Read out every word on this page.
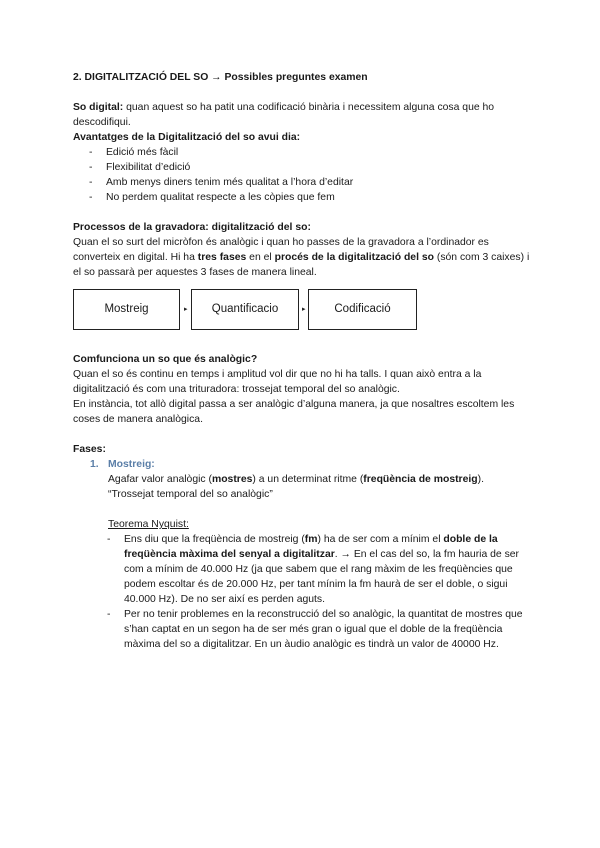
2. DIGITALITZACIÓ DEL SO → Possibles preguntes examen

So digital: quan aquest so ha patit una codificació binària i necessitem alguna cosa que ho descodifiqui.

Avantatges de la Digitalització del so avui dia:

- Edició més fàcil
- Flexibilitat d’edició
- Amb menys diners tenim més qualitat a l’hora d’editar
- No perdem qualitat respecte a les còpies que fem

Processos de la gravadora: digitalització del so:

Quan el so surt del micròfon és analògic i quan ho passes de la gravadora a l’ordinador es converteix en digital. Hi ha tres fases en el procés de la digitalització del so (són com 3 caixes) i el so passarà per aquestes 3 fases de manera lineal.

Mostreig	▸	Quantificacio	▸	Codificació

Comfunciona un so que és analògic?

Quan el so és continu en temps i amplitud vol dir que no hi ha talls. I quan això entra a la digitalització és com una trituradora: trossejat temporal del so analògic.

En instància, tot allò digital passa a ser analògic d’alguna manera, ja que nosaltres escoltem les coses de manera analògica.

Fases:

1. Mostreig:

Agafar valor analògic (mostres) a un determinat ritme (freqüència de mostreig).

“Trossejat temporal del so analògic”

Teorema Nyquist:

- Ens diu que la freqüència de mostreig (fm) ha de ser com a mínim el doble de la freqüència màxima del senyal a digitalitzar. → En el cas del so, la fm hauria de ser com a mínim de 40.000 Hz (ja que sabem que el rang màxim de les freqüències que podem escoltar és de 20.000 Hz, per tant mínim la fm haurà de ser el doble, o sigui 40.000 Hz). De no ser així es perden aguts.
- Per no tenir problemes en la reconstrucció del so analògic, la quantitat de mostres que s’han captat en un segon ha de ser més gran o igual que el doble de la freqüència màxima del so a digitalitzar. En un àudio analògic es tindrà un valor de 40000 Hz.
